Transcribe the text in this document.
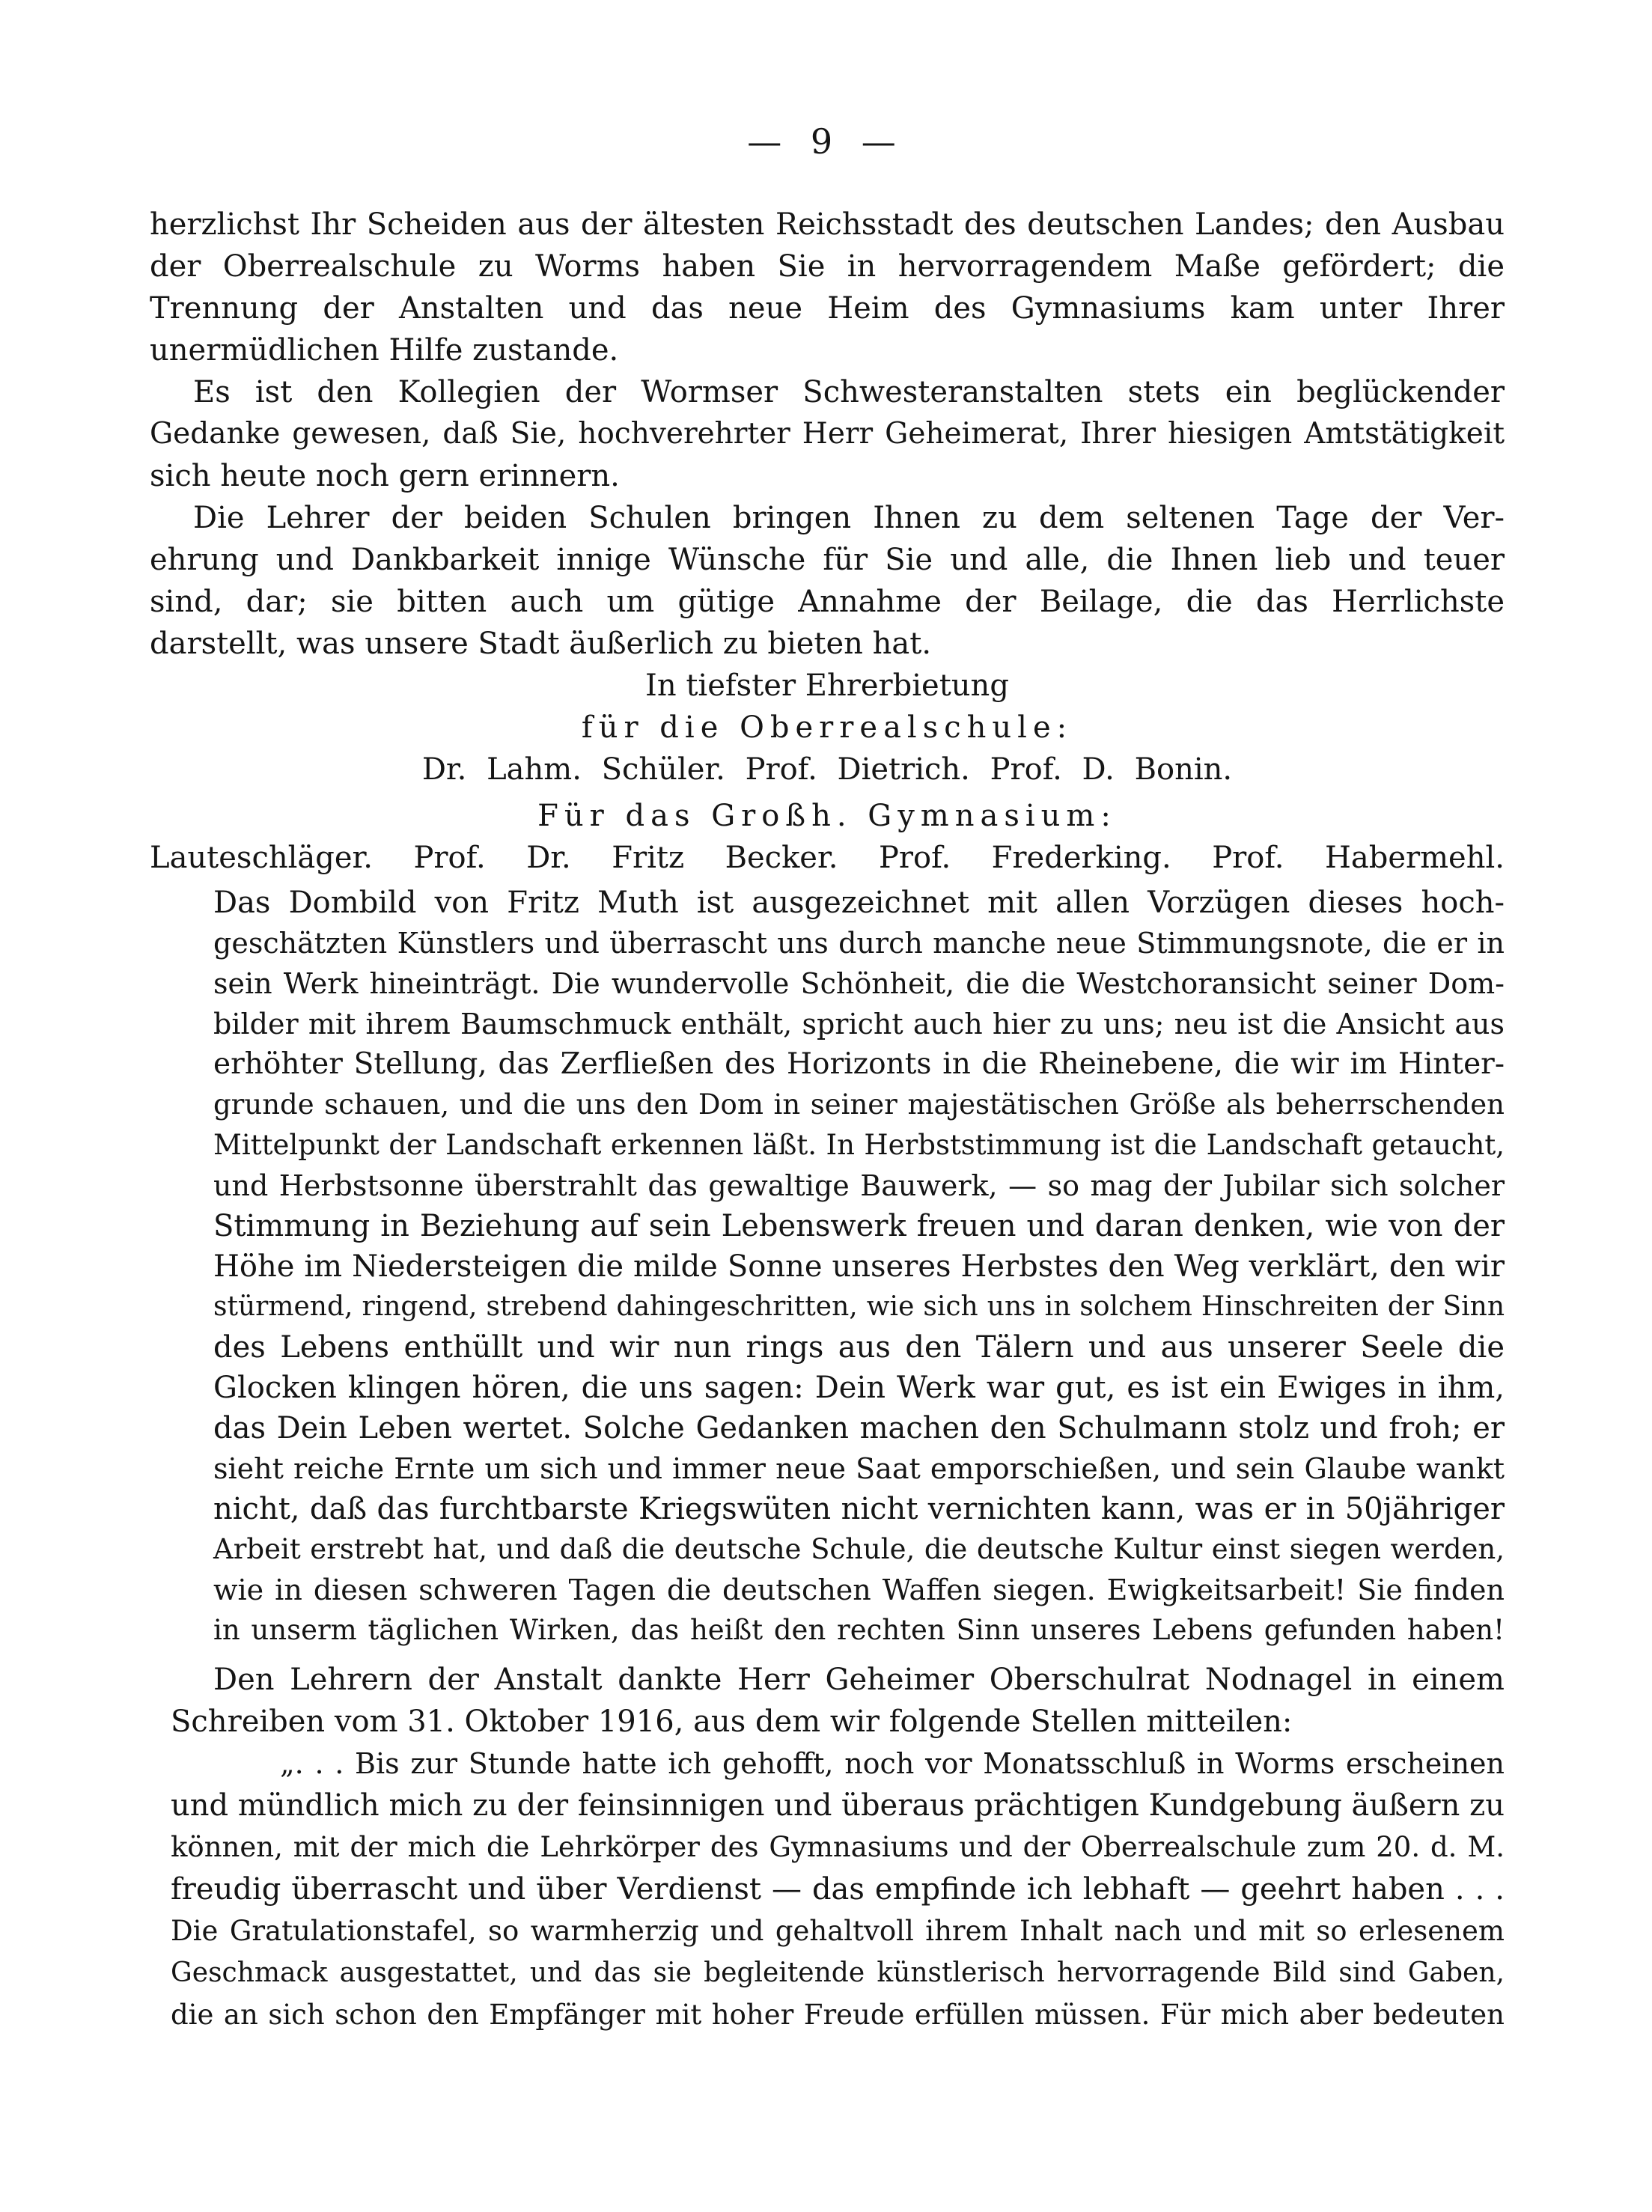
— 9 —
herzlichst Ihr Scheiden aus der ältesten Reichsstadt des deutschen Landes; den Ausbau
der Oberrealschule zu Worms haben Sie in hervorragendem Maße gefördert; die
Trennung der Anstalten und das neue Heim des Gymnasiums kam unter Ihrer
unermüdlichen Hilfe zustande.
Es ist den Kollegien der Wormser Schwesteranstalten stets ein beglückender
Gedanke gewesen, daß Sie, hochverehrter Herr Geheimerat, Ihrer hiesigen Amtstätigkeit
sich heute noch gern erinnern.
Die Lehrer der beiden Schulen bringen Ihnen zu dem seltenen Tage der Ver-
ehrung und Dankbarkeit innige Wünsche für Sie und alle, die Ihnen lieb und teuer
sind, dar; sie bitten auch um gütige Annahme der Beilage, die das Herrlichste
darstellt, was unsere Stadt äußerlich zu bieten hat.
In tiefster Ehrerbietung
für die Oberrealschule:
Dr. Lahm. Schüler. Prof. Dietrich. Prof. D. Bonin.
Für das Großh. Gymnasium:
Lauteschläger. Prof. Dr. Fritz Becker. Prof. Frederking. Prof. Habermehl.
Das Dombild von Fritz Muth ist ausgezeichnet mit allen Vorzügen dieses hoch-
geschätzten Künstlers und überrascht uns durch manche neue Stimmungsnote, die er in
sein Werk hineinträgt. Die wundervolle Schönheit, die die Westchoransicht seiner Dom-
bilder mit ihrem Baumschmuck enthält, spricht auch hier zu uns; neu ist die Ansicht aus
erhöhter Stellung, das Zerfließen des Horizonts in die Rheinebene, die wir im Hinter-
grunde schauen, und die uns den Dom in seiner majestätischen Größe als beherrschenden
Mittelpunkt der Landschaft erkennen läßt. In Herbststimmung ist die Landschaft getaucht,
und Herbstsonne überstrahlt das gewaltige Bauwerk, — so mag der Jubilar sich solcher
Stimmung in Beziehung auf sein Lebenswerk freuen und daran denken, wie von der
Höhe im Niedersteigen die milde Sonne unseres Herbstes den Weg verklärt, den wir
stürmend, ringend, strebend dahingeschritten, wie sich uns in solchem Hinschreiten der Sinn
des Lebens enthüllt und wir nun rings aus den Tälern und aus unserer Seele die
Glocken klingen hören, die uns sagen: Dein Werk war gut, es ist ein Ewiges in ihm,
das Dein Leben wertet. Solche Gedanken machen den Schulmann stolz und froh; er
sieht reiche Ernte um sich und immer neue Saat emporschießen, und sein Glaube wankt
nicht, daß das furchtbarste Kriegswüten nicht vernichten kann, was er in 50jähriger
Arbeit erstrebt hat, und daß die deutsche Schule, die deutsche Kultur einst siegen werden,
wie in diesen schweren Tagen die deutschen Waffen siegen. Ewigkeitsarbeit! Sie finden
in unserm täglichen Wirken, das heißt den rechten Sinn unseres Lebens gefunden haben!
Den Lehrern der Anstalt dankte Herr Geheimer Oberschulrat Nodnagel in einem
Schreiben vom 31. Oktober 1916, aus dem wir folgende Stellen mitteilen:
„. . . Bis zur Stunde hatte ich gehofft, noch vor Monatsschluß in Worms erscheinen
und mündlich mich zu der feinsinnigen und überaus prächtigen Kundgebung äußern zu
können, mit der mich die Lehrkörper des Gymnasiums und der Oberrealschule zum 20. d. M.
freudig überrascht und über Verdienst — das empfinde ich lebhaft — geehrt haben . . .
Die Gratulationstafel, so warmherzig und gehaltvoll ihrem Inhalt nach und mit so erlesenem
Geschmack ausgestattet, und das sie begleitende künstlerisch hervorragende Bild sind Gaben,
die an sich schon den Empfänger mit hoher Freude erfüllen müssen. Für mich aber bedeuten
